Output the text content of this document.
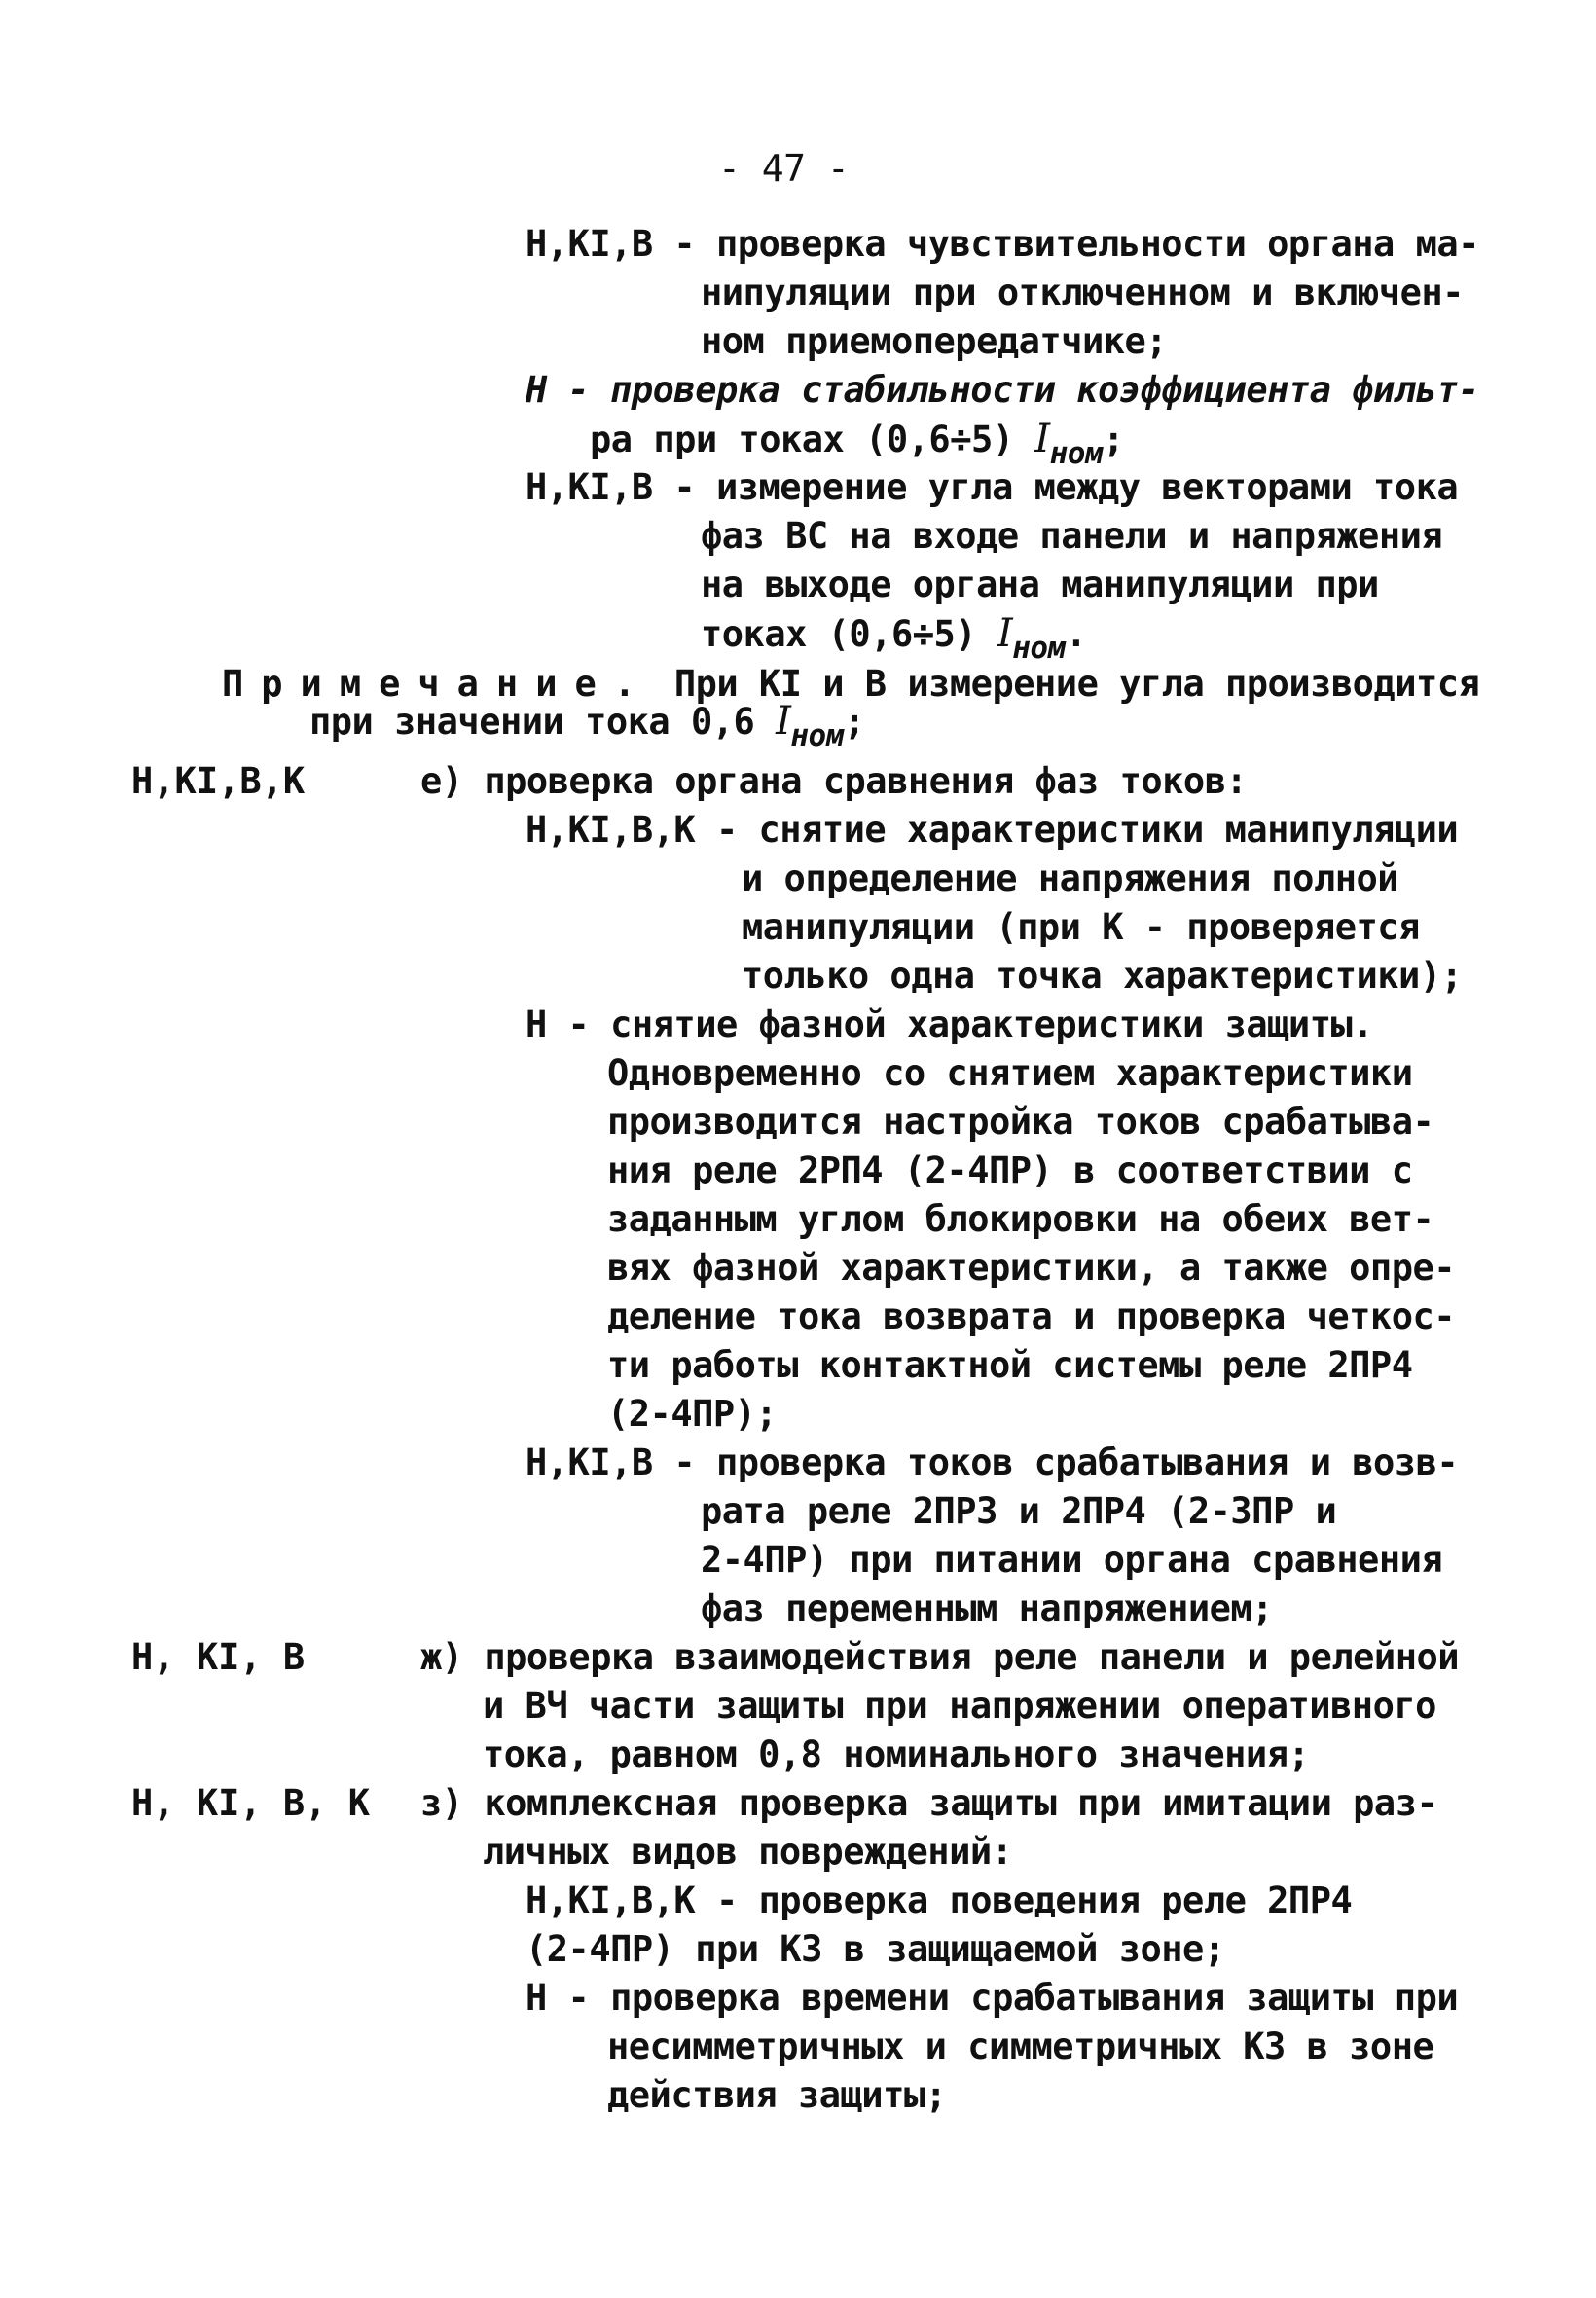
- 47 -
Н,КI,В - проверка чувствительности органа ма-
нипуляции при отключенном и включен-
ном приемопередатчике;
Н - проверка стабильности коэффициента фильт-
ра при токах (0,6÷5) $I_{ном}$;
Н,КI,В - измерение угла между векторами тока
фаз ВС на входе панели и напряжения
на выходе органа манипуляции при
токах (0,6÷5) $I_{ном}$.
Примечание. При КI и В измерение угла производится
при значении тока 0,6 $I_{ном}$;
Н,КI,В,К	е) проверка органа сравнения фаз токов:
Н,КI,В,К - снятие характеристики манипуляции
и определение напряжения полной
манипуляции (при К - проверяется
только одна точка характеристики);
Н - снятие фазной характеристики защиты.
Одновременно со снятием характеристики
производится настройка токов срабатыва-
ния реле 2РП4 (2-4ПР) в соответствии с
заданным углом блокировки на обеих вет-
вях фазной характеристики, а также опре-
деление тока возврата и проверка четкос-
ти работы контактной системы реле 2ПР4
(2-4ПР);
Н,КI,В - проверка токов срабатывания и возв-
рата реле 2ПР3 и 2ПР4 (2-3ПР и
2-4ПР) при питании органа сравнения
фаз переменным напряжением;
Н, КI, В	ж) проверка взаимодействия реле панели и релейной
и ВЧ части защиты при напряжении оперативного
тока, равном 0,8 номинального значения;
Н, КI, В, К з) комплексная проверка защиты при имитации раз-
личных видов повреждений:
Н,КI,В,К - проверка поведения реле 2ПР4
(2-4ПР) при КЗ в защищаемой зоне;
Н - проверка времени срабатывания защиты при
несимметричных и симметричных КЗ в зоне
действия защиты;
